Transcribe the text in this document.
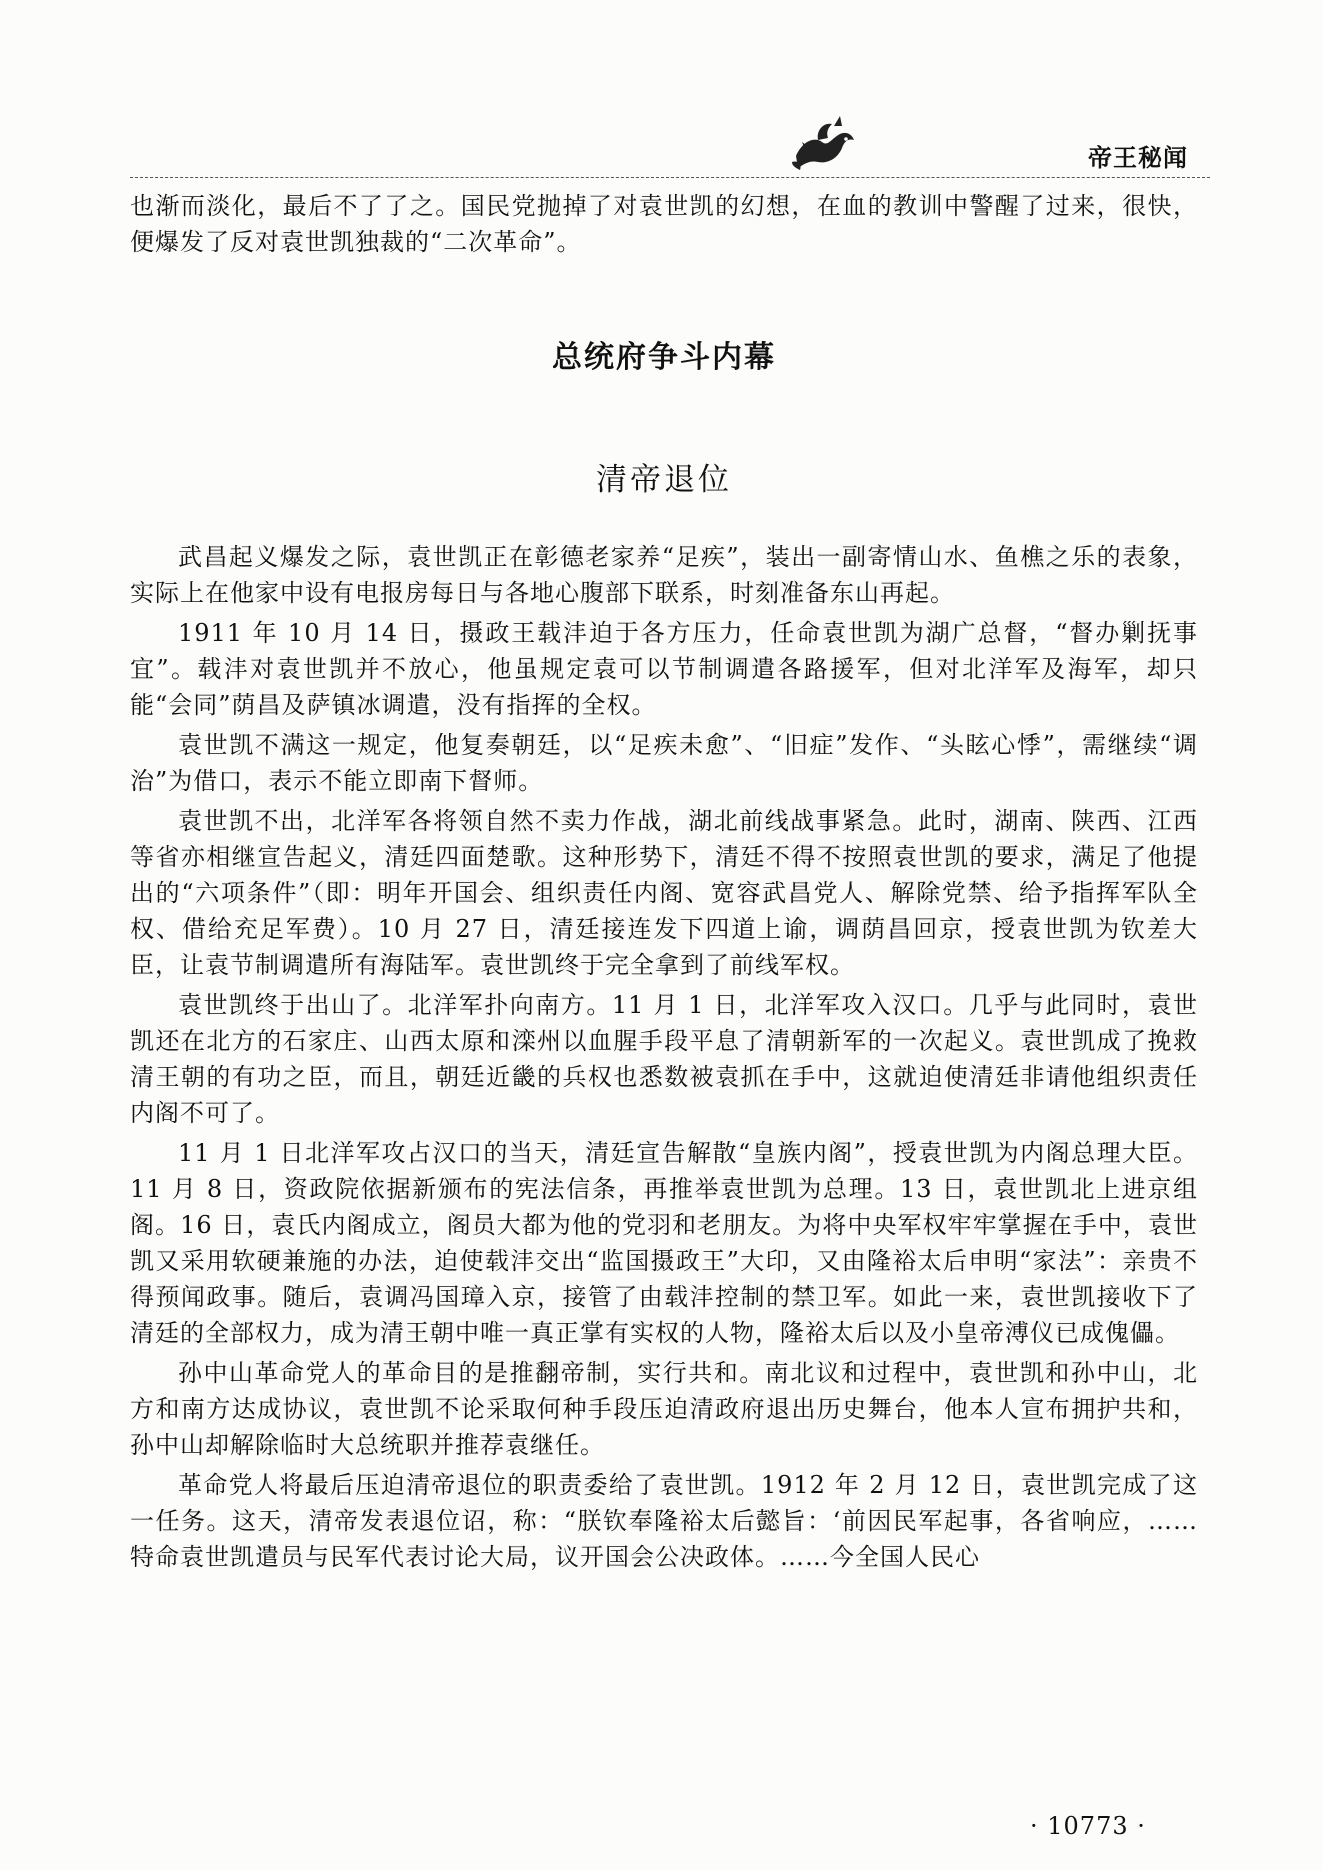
帝王秘闻

也渐而淡化，最后不了了之。国民党抛掉了对袁世凯的幻想，在血的教训中警醒了过来，很快，便爆发了反对袁世凯独裁的“二次革命”。

总统府争斗内幕
清帝退位

武昌起义爆发之际，袁世凯正在彰德老家养“足疾”，装出一副寄情山水、鱼樵之乐的表象，实际上在他家中设有电报房每日与各地心腹部下联系，时刻准备东山再起。

1911 年 10 月 14 日，摄政王载沣迫于各方压力，任命袁世凯为湖广总督，“督办剿抚事宜”。载沣对袁世凯并不放心，他虽规定袁可以节制调遣各路援军，但对北洋军及海军，却只能“会同”荫昌及萨镇冰调遣，没有指挥的全权。

袁世凯不满这一规定，他复奏朝廷，以“足疾未愈”、“旧症”发作、“头眩心悸”，需继续“调治”为借口，表示不能立即南下督师。

袁世凯不出，北洋军各将领自然不卖力作战，湖北前线战事紧急。此时，湖南、陕西、江西等省亦相继宣告起义，清廷四面楚歌。这种形势下，清廷不得不按照袁世凯的要求，满足了他提出的“六项条件”（即：明年开国会、组织责任内阁、宽容武昌党人、解除党禁、给予指挥军队全权、借给充足军费）。10 月 27 日，清廷接连发下四道上谕，调荫昌回京，授袁世凯为钦差大臣，让袁节制调遣所有海陆军。袁世凯终于完全拿到了前线军权。

袁世凯终于出山了。北洋军扑向南方。11 月 1 日，北洋军攻入汉口。几乎与此同时，袁世凯还在北方的石家庄、山西太原和滦州以血腥手段平息了清朝新军的一次起义。袁世凯成了挽救清王朝的有功之臣，而且，朝廷近畿的兵权也悉数被袁抓在手中，这就迫使清廷非请他组织责任内阁不可了。

11 月 1 日北洋军攻占汉口的当天，清廷宣告解散“皇族内阁”，授袁世凯为内阁总理大臣。11 月 8 日，资政院依据新颁布的宪法信条，再推举袁世凯为总理。13 日，袁世凯北上进京组阁。16 日，袁氏内阁成立，阁员大都为他的党羽和老朋友。为将中央军权牢牢掌握在手中，袁世凯又采用软硬兼施的办法，迫使载沣交出“监国摄政王”大印，又由隆裕太后申明“家法”：亲贵不得预闻政事。随后，袁调冯国璋入京，接管了由载沣控制的禁卫军。如此一来，袁世凯接收下了清廷的全部权力，成为清王朝中唯一真正掌有实权的人物，隆裕太后以及小皇帝溥仪已成傀儡。

孙中山革命党人的革命目的是推翻帝制，实行共和。南北议和过程中，袁世凯和孙中山，北方和南方达成协议，袁世凯不论采取何种手段压迫清政府退出历史舞台，他本人宣布拥护共和，孙中山却解除临时大总统职并推荐袁继任。

革命党人将最后压迫清帝退位的职责委给了袁世凯。1912 年 2 月 12 日，袁世凯完成了这一任务。这天，清帝发表退位诏，称：“朕钦奉隆裕太后懿旨：‘前因民军起事，各省响应，……特命袁世凯遣员与民军代表讨论大局，议开国会公决政体。……今全国人民心

· 10773 ·
